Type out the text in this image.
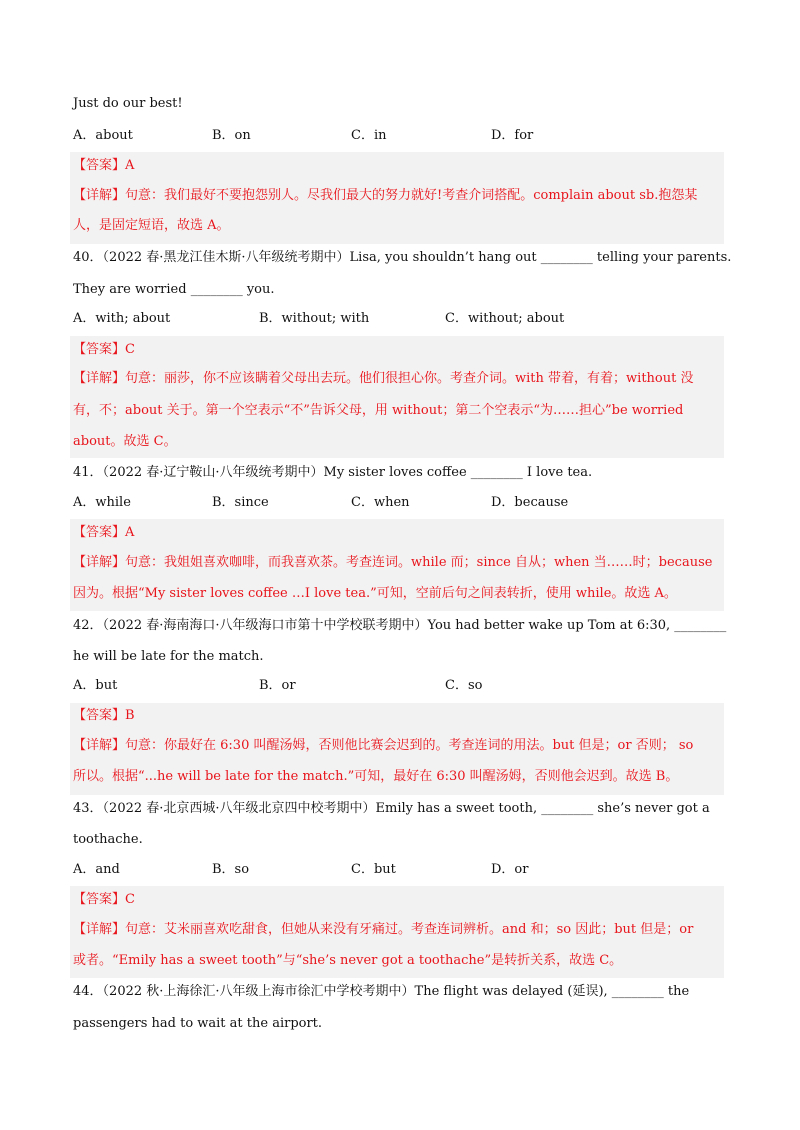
Just do our best!
A．about	B．on	C．in	D．for
【答案】A
【详解】句意：我们最好不要抱怨别人。尽我们最大的努力就好!考查介词搭配。complain about sb.抱怨某
人，是固定短语，故选 A。
40．（2022 春·黑龙江佳木斯·八年级统考期中）Lisa, you shouldn’t hang out ________ telling your parents.
They are worried ________ you.
A．with; about	B．without; with	C．without; about
【答案】C
【详解】句意：丽莎，你不应该瞒着父母出去玩。他们很担心你。考查介词。with 带着，有着；without 没
有，不；about 关于。第一个空表示“不”告诉父母，用 without；第二个空表示“为……担心”be worried
about。故选 C。
41．（2022 春·辽宁鞍山·八年级统考期中）My sister loves coffee ________ I love tea.
A．while	B．since	C．when	D．because
【答案】A
【详解】句意：我姐姐喜欢咖啡，而我喜欢茶。考查连词。while 而；since 自从；when 当……时；because
因为。根据“My sister loves coffee …I love tea.”可知，空前后句之间表转折，使用 while。故选 A。
42．（2022 春·海南海口·八年级海口市第十中学校联考期中）You had better wake up Tom at 6:30, ________
he will be late for the match.
A．but	B．or	C．so
【答案】B
【详解】句意：你最好在 6:30 叫醒汤姆，否则他比赛会迟到的。考查连词的用法。but 但是；or 否则； so
所以。根据“...he will be late for the match.”可知，最好在 6:30 叫醒汤姆，否则他会迟到。故选 B。
43．（2022 春·北京西城·八年级北京四中校考期中）Emily has a sweet tooth, ________ she’s never got a
toothache.
A．and	B．so	C．but	D．or
【答案】C
【详解】句意：艾米丽喜欢吃甜食，但她从来没有牙痛过。考查连词辨析。and 和；so 因此；but 但是；or
或者。“Emily has a sweet tooth”与“she’s never got a toothache”是转折关系，故选 C。
44．（2022 秋·上海徐汇·八年级上海市徐汇中学校考期中）The flight was delayed (延误), ________ the
passengers had to wait at the airport.
